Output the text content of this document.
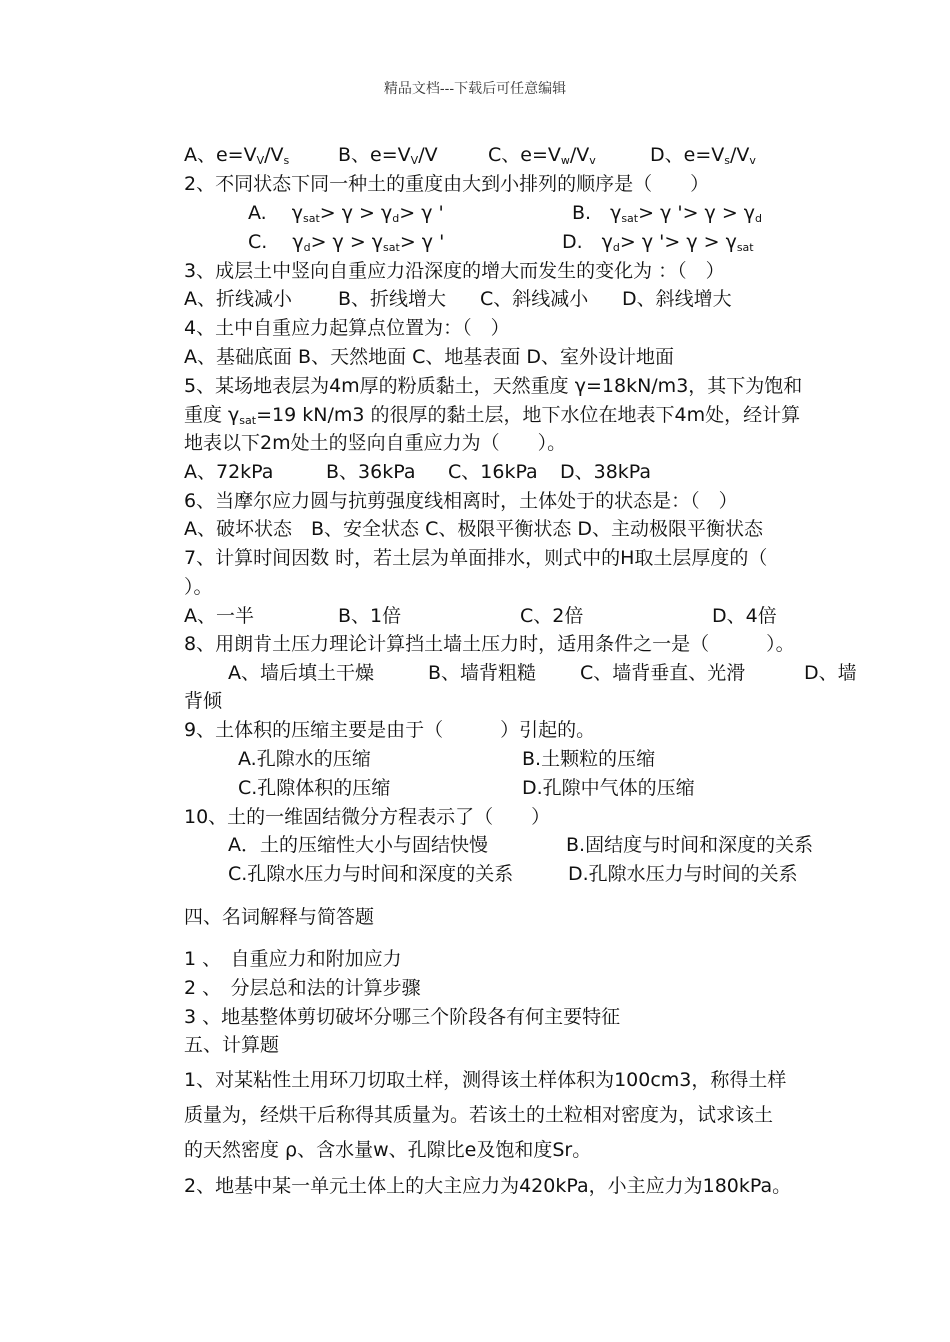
精品文档---下载后可任意编辑
A、$e=V_V/V_s$	B、$e=V_V/V$	C、$e=V_w/V_v$	D、$e=V_s/V_v$
2、不同状态下同一种土的重度由大到小排列的顺序是（　　）
A.　 $\gamma_{sat}> \gamma > \gamma_d> \gamma$ '	B.　$\gamma_{sat}> \gamma$ '> $\gamma > \gamma_d$
C.　 $\gamma_d> \gamma > \gamma_{sat}> \gamma$ '	D.　$\gamma_d> \gamma$ '> $\gamma > \gamma_{sat}$
3、成层土中竖向自重应力沿深度的增大而发生的变化为 ：（　）
A、折线减小 B、折线增大 C、斜线减小 D、斜线增大
4、土中自重应力起算点位置为：（　）
A、基础底面 B、天然地面 C、地基表面 D、室外设计地面
5、某场地表层为4m厚的粉质黏土，天然重度 γ=18kN/m3，其下为饱和
重度 $\gamma_{sat}=19$ kN/m3 的很厚的黏土层，地下水位在地表下4m处，经计算
地表以下2m处土的竖向自重应力为（　　）。
A、72kPa	B、36kPa C、16kPa D、38kPa
6、当摩尔应力圆与抗剪强度线相离时，土体处于的状态是：（　）
A、破坏状态　B、安全状态 C、极限平衡状态 D、主动极限平衡状态
7、计算时间因数 时，若土层为单面排水，则式中的H取土层厚度的（
）。
A、一半	B、1倍	C、2倍	D、4倍
8、用朗肯土压力理论计算挡土墙土压力时，适用条件之一是（　　　）。
A、墙后填土干燥	B、墙背粗糙 C、墙背垂直、光滑	D、墙
背倾
9、土体积的压缩主要是由于（　　　）引起的。
A.孔隙水的压缩	B.土颗粒的压缩
C.孔隙体积的压缩	D.孔隙中气体的压缩
10、土的一维固结微分方程表示了（　　）
A．土的压缩性大小与固结快慢	B.固结度与时间和深度的关系
C.孔隙水压力与时间和深度的关系	D.孔隙水压力与时间的关系
四、名词解释与简答题
1 、　自重应力和附加应力
2 、　分层总和法的计算步骤
3 、地基整体剪切破坏分哪三个阶段各有何主要特征
五、计算题
1、对某粘性土用环刀切取土样，测得该土样体积为100cm3，称得土样
质量为，经烘干后称得其质量为。若该土的土粒相对密度为，试求该土
的天然密度 ρ、含水量w、孔隙比e及饱和度Sr。
2、地基中某一单元土体上的大主应力为420kPa，小主应力为180kPa。
